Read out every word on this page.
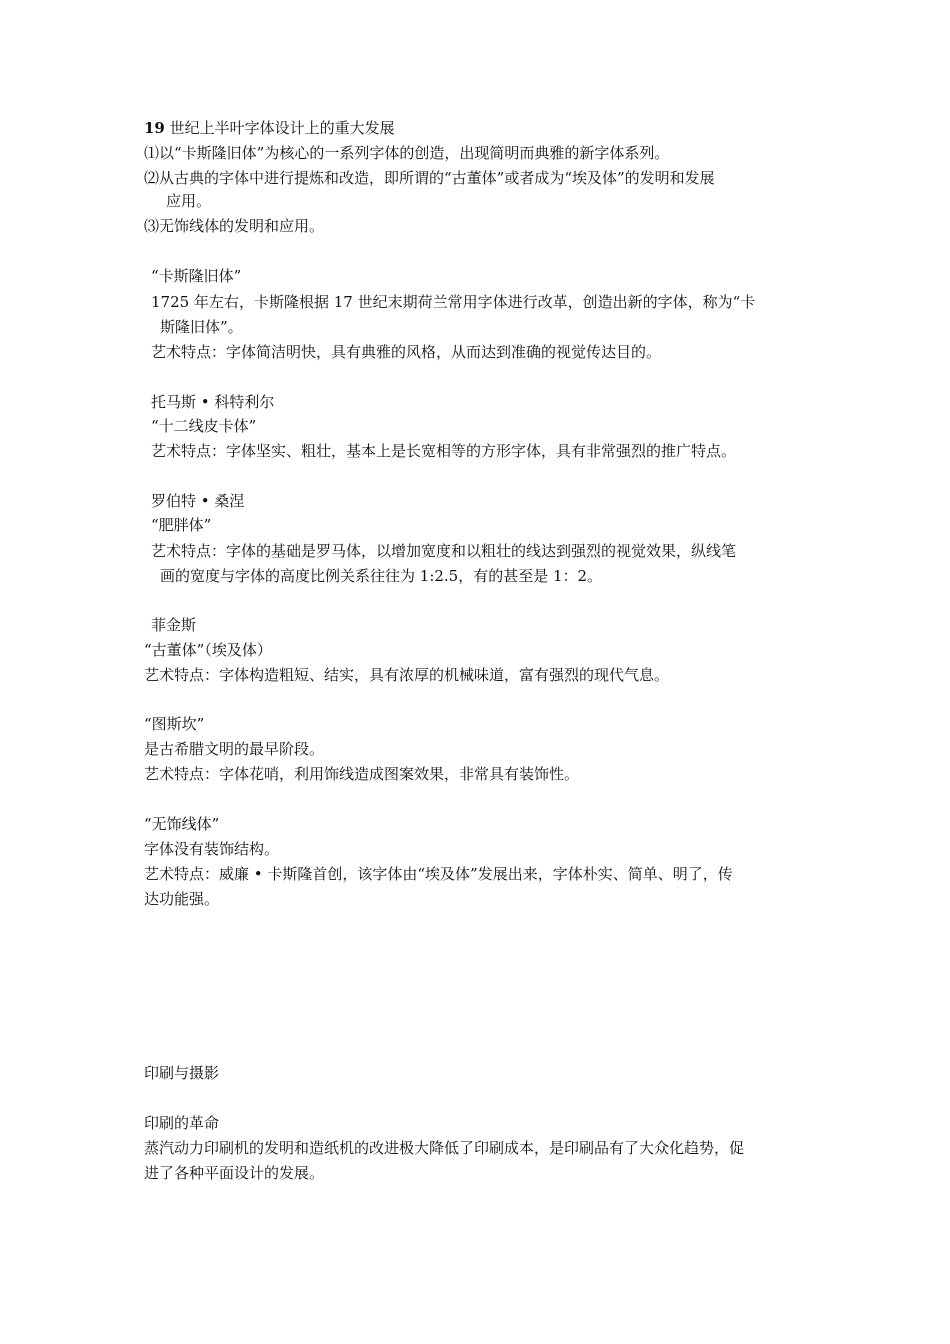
19 世纪上半叶字体设计上的重大发展
⑴以“卡斯隆旧体”为核心的一系列字体的创造，出现简明而典雅的新字体系列。
⑵从古典的字体中进行提炼和改造，即所谓的“古董体”或者成为“埃及体”的发明和发展
应用。
⑶无饰线体的发明和应用。
“卡斯隆旧体”
1725 年左右，卡斯隆根据 17 世纪末期荷兰常用字体进行改革，创造出新的字体，称为“卡
斯隆旧体”。
艺术特点：字体简洁明快，具有典雅的风格，从而达到准确的视觉传达目的。
托马斯 • 科特利尔
“十二线皮卡体”
艺术特点：字体坚实、粗壮，基本上是长宽相等的方形字体，具有非常强烈的推广特点。
罗伯特 • 桑涅
“肥胖体”
艺术特点：字体的基础是罗马体，以增加宽度和以粗壮的线达到强烈的视觉效果，纵线笔
画的宽度与字体的高度比例关系往往为 1:2.5，有的甚至是 1：2。
菲金斯
“古董体”（埃及体）
艺术特点：字体构造粗短、结实，具有浓厚的机械味道，富有强烈的现代气息。
“图斯坎”
是古希腊文明的最早阶段。
艺术特点：字体花哨，利用饰线造成图案效果，非常具有装饰性。
“无饰线体”
字体没有装饰结构。
艺术特点：威廉 • 卡斯隆首创，该字体由“埃及体”发展出来，字体朴实、简单、明了，传
达功能强。
印刷与摄影
印刷的革命
蒸汽动力印刷机的发明和造纸机的改进极大降低了印刷成本，是印刷品有了大众化趋势，促
进了各种平面设计的发展。
